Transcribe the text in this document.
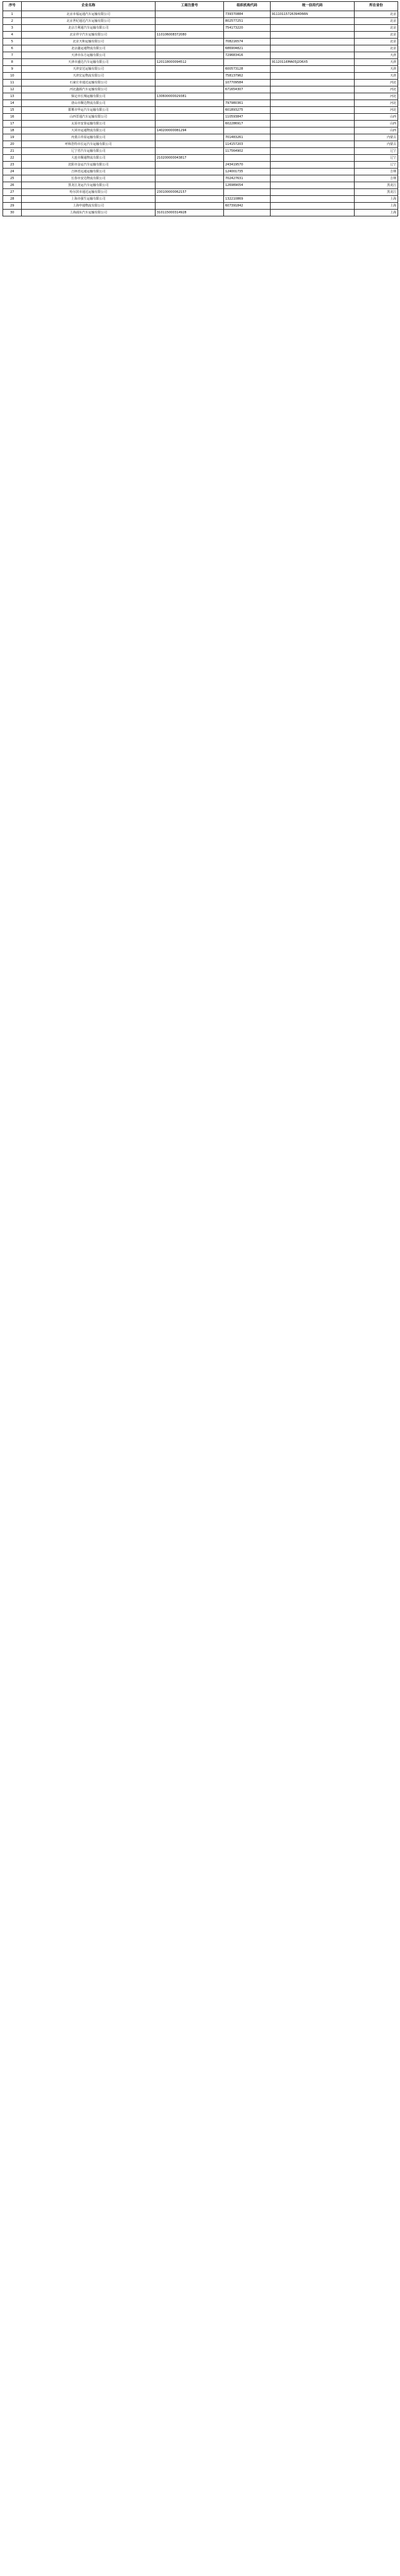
序号	企业名称	工商注册号	组织机构代码	统一信用代码	所在省份
1	北京市福运通汽车运输有限公司		739370884	91110115726394066N	北京
2	北京世纪通达汽车运输有限公司		802577251		北京
3	北京吉利通汽车运输有限公司		754173220		北京
4	北京祥宇汽车运输有限公司	110106008372080			北京
5	北京天和运输有限公司		708216574		北京
6	北京鑫运通物流有限公司		686904821		北京
7	天津市东方运输有限公司		729683416		天津
8	天津市盛达汽车运输有限公司	120118000094512		91120116MA05J2D6X5	天津
9	天津安达运输有限公司		600573128		天津
10	天津宏运物流有限公司		758137962		天津
11	石家庄市通达运输有限公司		107709584		河北
12	河北鑫源汽车运输有限公司		671654307		河北
13	保定市长城运输有限公司	130600000029381			河北
14	唐山市顺达物流有限公司		797980361		河北
15	邯郸市华运汽车运输有限公司		601893275		河北
16	山西晋通汽车运输有限公司		110593847		山西
17	太原市安泰运输有限公司		602286917		山西
18	大同市运通物流有限公司	140200000081294			山西
19	内蒙古草原运输有限公司		701483261		内蒙古
20	呼和浩特市长运汽车运输有限公司		114157203		内蒙古
21	辽宁省汽车运输有限公司		117564902		辽宁
22	大连市顺通物流有限公司	210200000043817			辽宁
23	沈阳市金运汽车运输有限公司		243419570		辽宁
24	吉林省远通运输有限公司		124001735		吉林
25	长春市安达物流有限公司		702427631		吉林
26	黑龙江龙运汽车运输有限公司		126989054		黑龙江
27	哈尔滨市通达运输有限公司	230100000062157			黑龙江
28	上海市强生运输有限公司		132210869		上海
29	上海申通物流有限公司		607391842		上海
30	上海浦东汽车运输有限公司	310115000314928			上海
